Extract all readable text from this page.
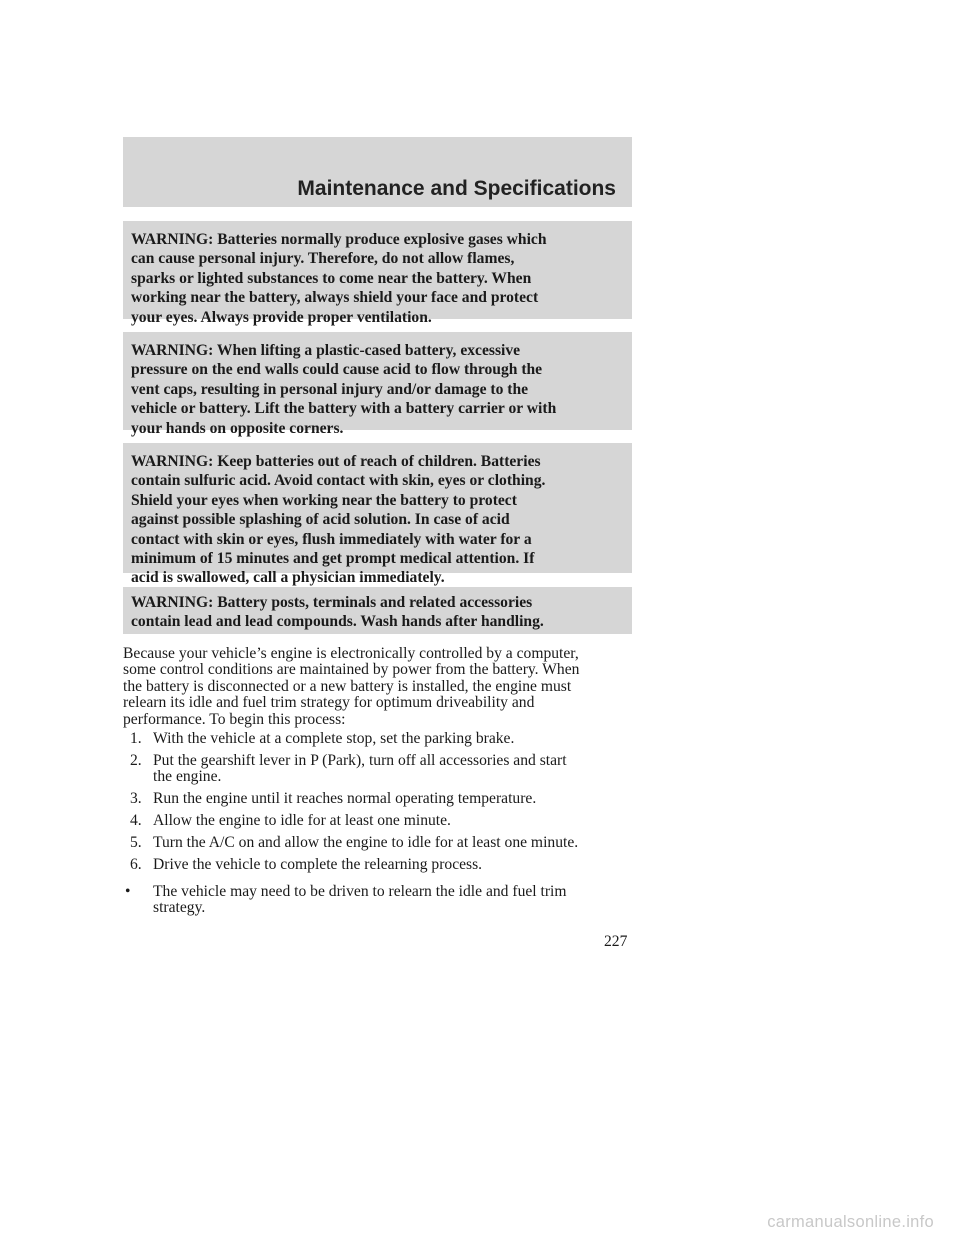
Maintenance and Specifications

WARNING: Batteries normally produce explosive gases which
can cause personal injury. Therefore, do not allow flames,
sparks or lighted substances to come near the battery. When
working near the battery, always shield your face and protect
your eyes. Always provide proper ventilation.

WARNING: When lifting a plastic-cased battery, excessive
pressure on the end walls could cause acid to flow through the
vent caps, resulting in personal injury and/or damage to the
vehicle or battery. Lift the battery with a battery carrier or with
your hands on opposite corners.

WARNING: Keep batteries out of reach of children. Batteries
contain sulfuric acid. Avoid contact with skin, eyes or clothing.
Shield your eyes when working near the battery to protect
against possible splashing of acid solution. In case of acid
contact with skin or eyes, flush immediately with water for a
minimum of 15 minutes and get prompt medical attention. If
acid is swallowed, call a physician immediately.

WARNING: Battery posts, terminals and related accessories
contain lead and lead compounds. Wash hands after handling.

Because your vehicle’s engine is electronically controlled by a computer,
some control conditions are maintained by power from the battery. When
the battery is disconnected or a new battery is installed, the engine must
relearn its idle and fuel trim strategy for optimum driveability and
performance. To begin this process:

1. With the vehicle at a complete stop, set the parking brake.
2. Put the gearshift lever in P (Park), turn off all accessories and start
the engine.
3. Run the engine until it reaches normal operating temperature.
4. Allow the engine to idle for at least one minute.
5. Turn the A/C on and allow the engine to idle for at least one minute.
6. Drive the vehicle to complete the relearning process.
• The vehicle may need to be driven to relearn the idle and fuel trim
strategy.
227
carmanualsonline.info
